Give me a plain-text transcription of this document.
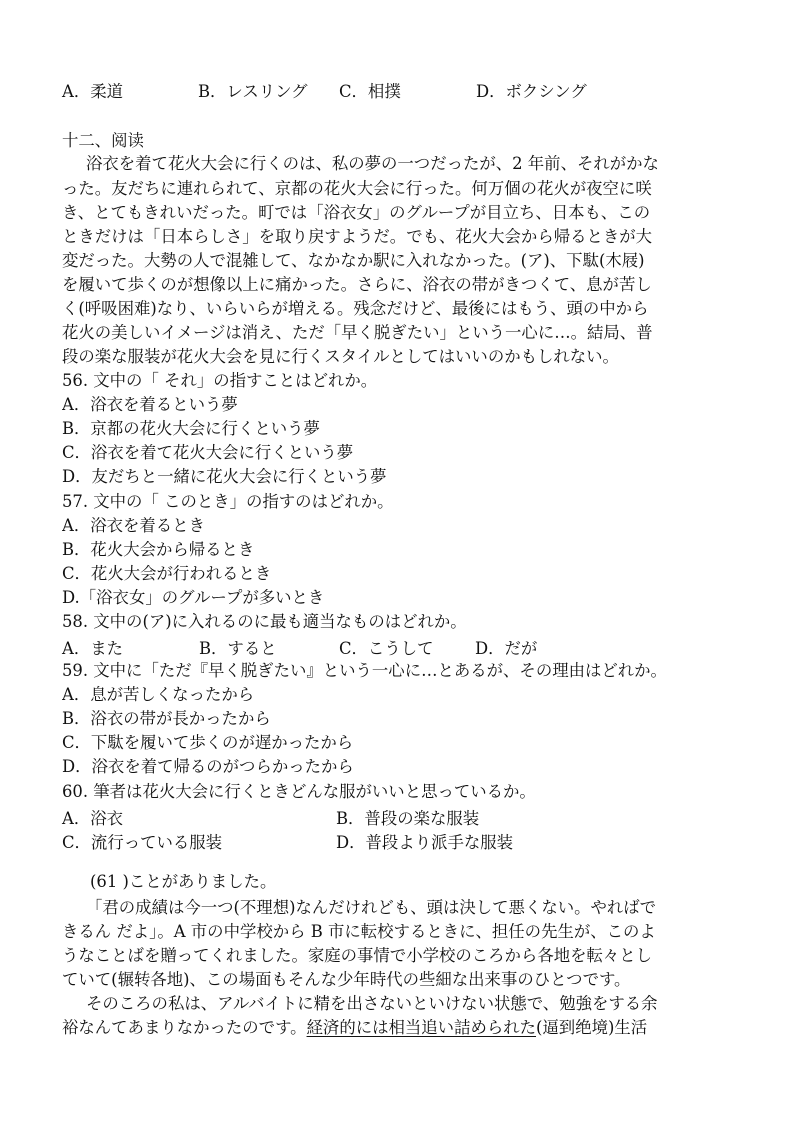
A．柔道	B．レスリング C．相撲	D．ボクシング
十二、阅读
浴衣を着て花火大会に行くのは、私の夢の一つだったが、2 年前、それがかな
った。友だちに連れられて、京都の花火大会に行った。何万個の花火が夜空に咲
き、とてもきれいだった。町では「浴衣女」のグループが目立ち、日本も、この
ときだけは「日本らしさ」を取り戻すようだ。でも、花火大会から帰るときが大
変だった。大勢の人で混雑して、なかなか駅に入れなかった。(ア)、下駄(木屐)
を履いて歩くのが想像以上に痛かった。さらに、浴衣の帯がきつくて、息が苦し
く(呼吸困难)なり、いらいらが増える。残念だけど、最後にはもう、頭の中から
花火の美しいイメージは消え、ただ「早く脱ぎたい」という一心に…。結局、普
段の楽な服装が花火大会を見に行くスタイルとしてはいいのかもしれない。
56. 文中の「 それ」の指すことはどれか。
A．浴衣を着るという夢
B．京都の花火大会に行くという夢
C．浴衣を着て花火大会に行くという夢
D．友だちと一緒に花火大会に行くという夢
57. 文中の「 このとき」の指すのはどれか。
A．浴衣を着るとき
B．花火大会から帰るとき
C．花火大会が行われるとき
D.「浴衣女」のグループが多いとき
58. 文中の(ア)に入れるのに最も適当なものはどれか。
A．また	B．すると	C．こうして	D．だが
59. 文中に「ただ『早く脱ぎたい』という一心に…とあるが、その理由はどれか。
A．息が苦しくなったから
B．浴衣の帯が長かったから
C．下駄を履いて歩くのが遅かったから
D．浴衣を着て帰るのがつらかったから
60. 筆者は花火大会に行くときどんな服がいいと思っているか。
A．浴衣	B．普段の楽な服装
C．流行っている服装	D．普段より派手な服装
(61 )ことがありました。
「君の成績は今一つ(不理想)なんだけれども、頭は決して悪くない。やればで
きるん だよ」。A 市の中学校から B 市に転校するときに、担任の先生が、このよ
うなことばを贈ってくれました。家庭の事情で小学校のころから各地を転々とし
ていて(辗转各地)、この場面もそんな少年時代の些細な出来事のひとつです。
そのころの私は、アルバイトに精を出さないといけない状態で、勉強をする余
裕なんてあまりなかったのです。経済的には相当追い詰められた(逼到绝境)生活
